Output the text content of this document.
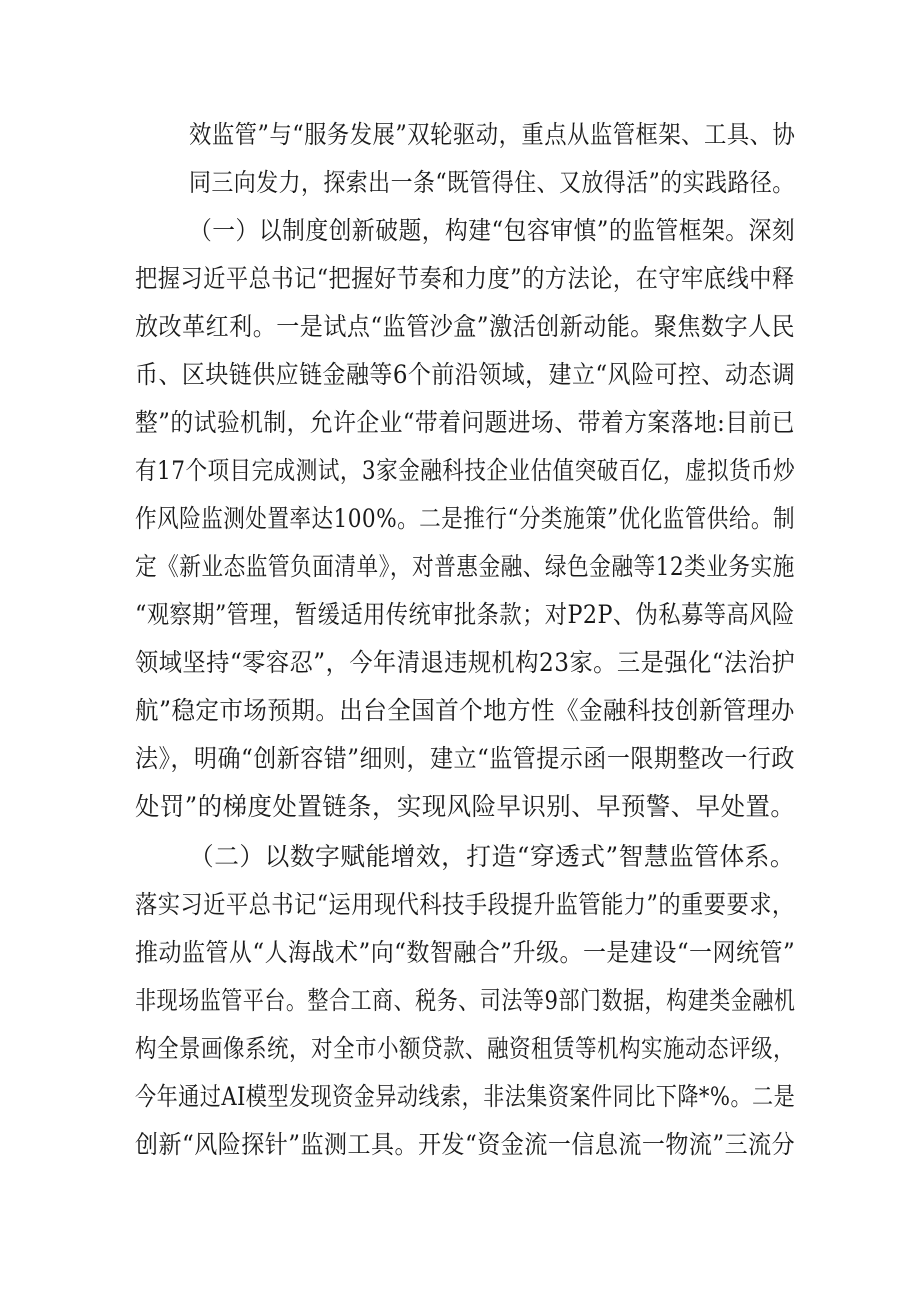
效监管”与“服务发展”双轮驱动，重点从监管框架、工具、协
同三向发力，探索出一条“既管得住、又放得活”的实践路径。
（一）以制度创新破题，构建“包容审慎”的监管框架。深刻
把握习近平总书记“把握好节奏和力度”的方法论，在守牢底线中释
放改革红利。一是试点“监管沙盒”激活创新动能。聚焦数字人民
币、区块链供应链金融等6个前沿领域，建立“风险可控、动态调
整”的试验机制，允许企业“带着问题进场、带着方案落地:目前已
有17个项目完成测试，3家金融科技企业估值突破百亿，虚拟货币炒
作风险监测处置率达100%。二是推行“分类施策”优化监管供给。制
定《新业态监管负面清单》，对普惠金融、绿色金融等12类业务实施
“观察期”管理，暂缓适用传统审批条款；对P2P、伪私募等高风险
领域坚持“零容忍”，今年清退违规机构23家。三是强化“法治护
航”稳定市场预期。出台全国首个地方性《金融科技创新管理办
法》，明确“创新容错”细则，建立“监管提示函一限期整改一行政
处罚”的梯度处置链条，实现风险早识别、早预警、早处置。
（二）以数字赋能增效，打造“穿透式”智慧监管体系。
落实习近平总书记“运用现代科技手段提升监管能力”的重要要求，
推动监管从“人海战术”向“数智融合”升级。一是建设“一网统管”
非现场监管平台。整合工商、税务、司法等9部门数据，构建类金融机
构全景画像系统，对全市小额贷款、融资租赁等机构实施动态评级，
今年通过AI模型发现资金异动线索，非法集资案件同比下降*%。二是
创新“风险探针”监测工具。开发“资金流一信息流一物流”三流分
